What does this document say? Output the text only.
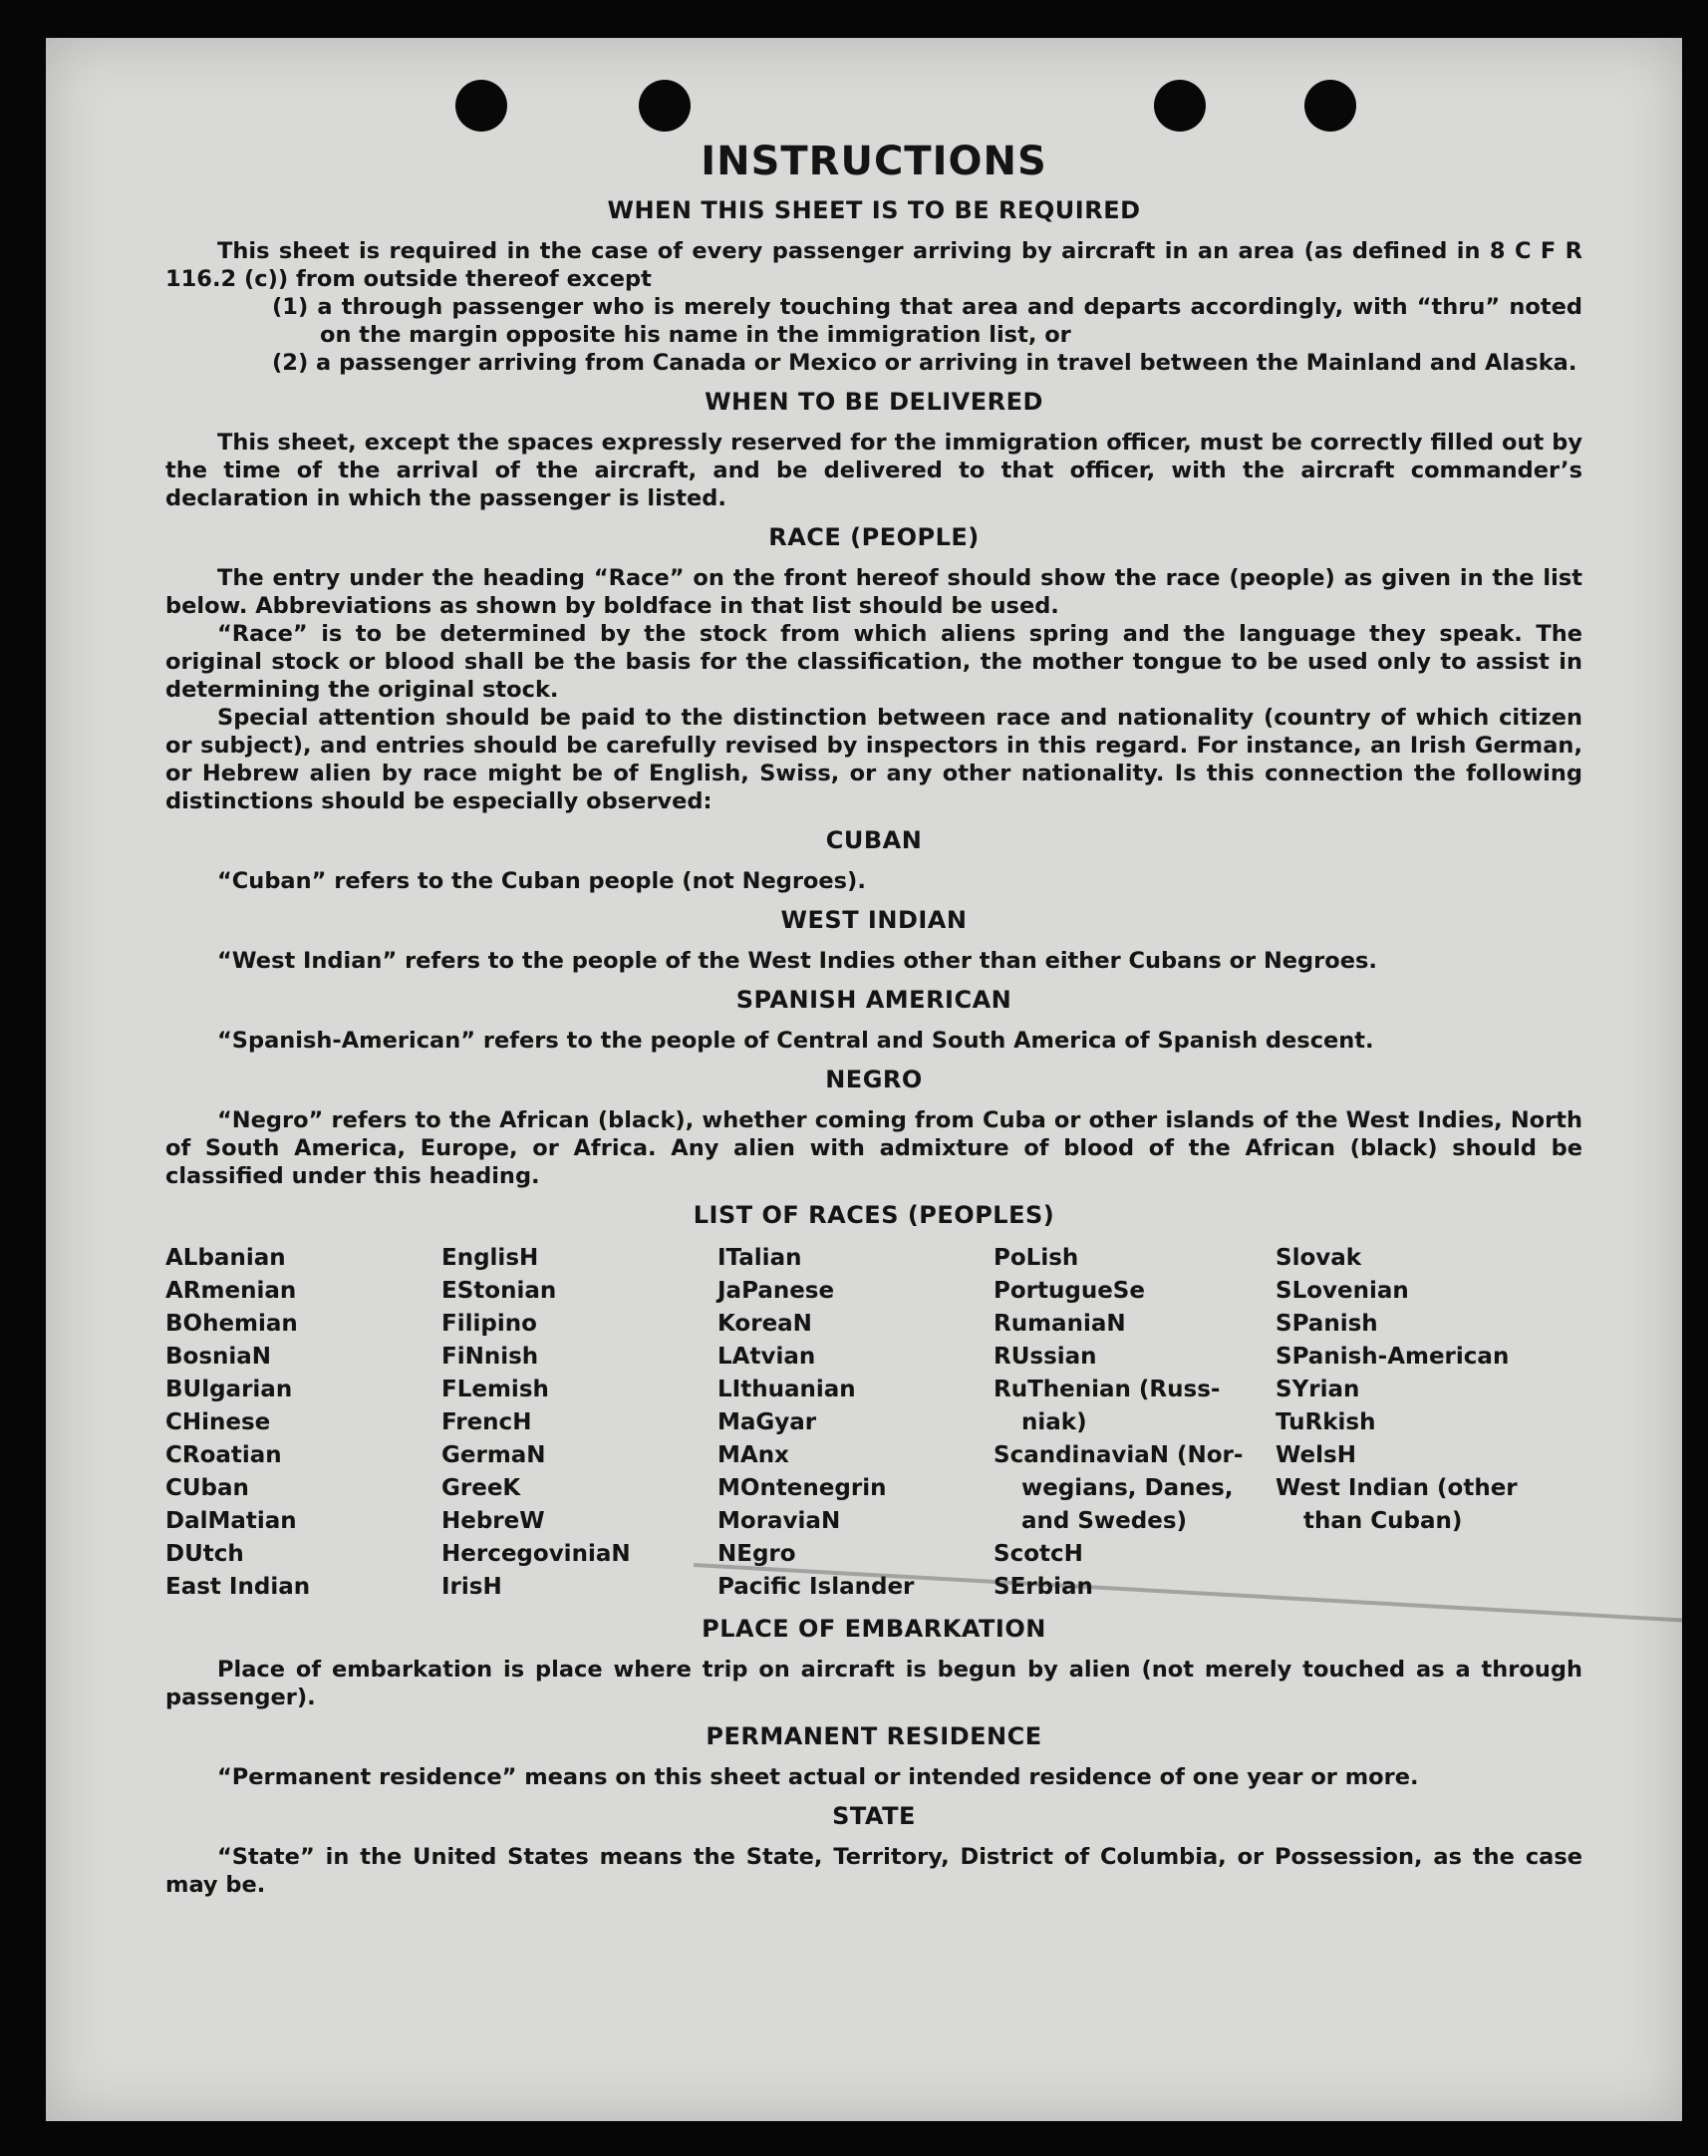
INSTRUCTIONS
WHEN THIS SHEET IS TO BE REQUIRED

This sheet is required in the case of every passenger arriving by aircraft in an area (as defined in 8 C F R 116.2 (c)) from outside thereof except

(1) a through passenger who is merely touching that area and departs accordingly, with “thru” noted on the margin opposite his name in the immigration list, or

(2) a passenger arriving from Canada or Mexico or arriving in travel between the Mainland and Alaska.

WHEN TO BE DELIVERED

This sheet, except the spaces expressly reserved for the immigration officer, must be correctly filled out by the time of the arrival of the aircraft, and be delivered to that officer, with the aircraft commander’s declaration in which the passenger is listed.

RACE (PEOPLE)

The entry under the heading “Race” on the front hereof should show the race (people) as given in the list below. Abbreviations as shown by boldface in that list should be used.

“Race” is to be determined by the stock from which aliens spring and the language they speak. The original stock or blood shall be the basis for the classification, the mother tongue to be used only to assist in determining the original stock.

Special attention should be paid to the distinction between race and nationality (country of which citizen or subject), and entries should be carefully revised by inspectors in this regard. For instance, an Irish German, or Hebrew alien by race might be of English, Swiss, or any other nationality. Is this connection the following distinctions should be especially observed:

CUBAN

“Cuban” refers to the Cuban people (not Negroes).

WEST INDIAN

“West Indian” refers to the people of the West Indies other than either Cubans or Negroes.

SPANISH AMERICAN

“Spanish-American” refers to the people of Central and South America of Spanish descent.

NEGRO

“Negro” refers to the African (black), whether coming from Cuba or other islands of the West Indies, North of South America, Europe, or Africa. Any alien with admixture of blood of the African (black) should be classified under this heading.

LIST OF RACES (PEOPLES)
ALbanian
ARmenian
BOhemian
BosniaN
BUlgarian
CHinese
CRoatian
CUban
DalMatian
DUtch
East Indian
EnglisH
EStonian
Filipino
FiNnish
FLemish
FrencH
GermaN
GreeK
HebreW
HercegoviniaN
IrisH
ITalian
JaPanese
KoreaN
LAtvian
LIthuanian
MaGyar
MAnx
MOntenegrin
MoraviaN
NEgro
Pacific Islander
PoLish
PortugueSe
RumaniaN
RUssian
RuThenian (Russ-
niak)
ScandinaviaN (Nor-
wegians, Danes,
and Swedes)
ScotcH
SErbian
Slovak
SLovenian
SPanish
SPanish-American
SYrian
TuRkish
WelsH
West Indian (other
than Cuban)
PLACE OF EMBARKATION

Place of embarkation is place where trip on aircraft is begun by alien (not merely touched as a through passenger).

PERMANENT RESIDENCE

“Permanent residence” means on this sheet actual or intended residence of one year or more.

STATE

“State” in the United States means the State, Territory, District of Columbia, or Possession, as the case may be.
